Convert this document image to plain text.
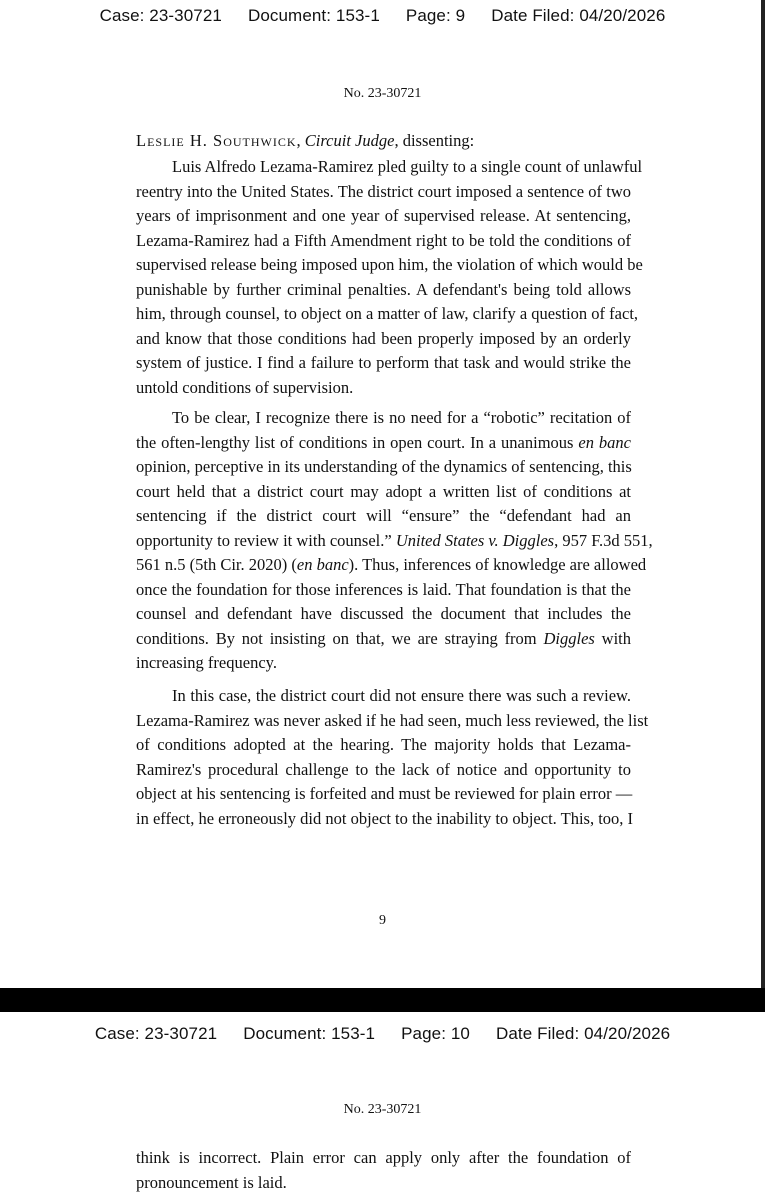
Case: 23-30721 Document: 153-1 Page: 9 Date Filed: 04/20/2026
No. 23-30721
Leslie H. Southwick, Circuit Judge, dissenting:
Luis Alfredo Lezama-Ramirez pled guilty to a single count of unlawful
reentry into the United States. The district court imposed a sentence of two
years of imprisonment and one year of supervised release. At sentencing,
Lezama-Ramirez had a Fifth Amendment right to be told the conditions of
supervised release being imposed upon him, the violation of which would be
punishable by further criminal penalties. A defendant's being told allows
him, through counsel, to object on a matter of law, clarify a question of fact,
and know that those conditions had been properly imposed by an orderly
system of justice. I find a failure to perform that task and would strike the
untold conditions of supervision.
To be clear, I recognize there is no need for a “robotic” recitation of
the often-lengthy list of conditions in open court. In a unanimous en banc
opinion, perceptive in its understanding of the dynamics of sentencing, this
court held that a district court may adopt a written list of conditions at
sentencing if the district court will “ensure” the “defendant had an
opportunity to review it with counsel.” United States v. Diggles, 957 F.3d 551,
561 n.5 (5th Cir. 2020) (en banc). Thus, inferences of knowledge are allowed
once the foundation for those inferences is laid. That foundation is that the
counsel and defendant have discussed the document that includes the
conditions. By not insisting on that, we are straying from Diggles with
increasing frequency.
In this case, the district court did not ensure there was such a review.
Lezama-Ramirez was never asked if he had seen, much less reviewed, the list
of conditions adopted at the hearing. The majority holds that Lezama-
Ramirez's procedural challenge to the lack of notice and opportunity to
object at his sentencing is forfeited and must be reviewed for plain error —
in effect, he erroneously did not object to the inability to object. This, too, I
9
Case: 23-30721 Document: 153-1 Page: 10 Date Filed: 04/20/2026
No. 23-30721
think is incorrect. Plain error can apply only after the foundation of
pronouncement is laid.
